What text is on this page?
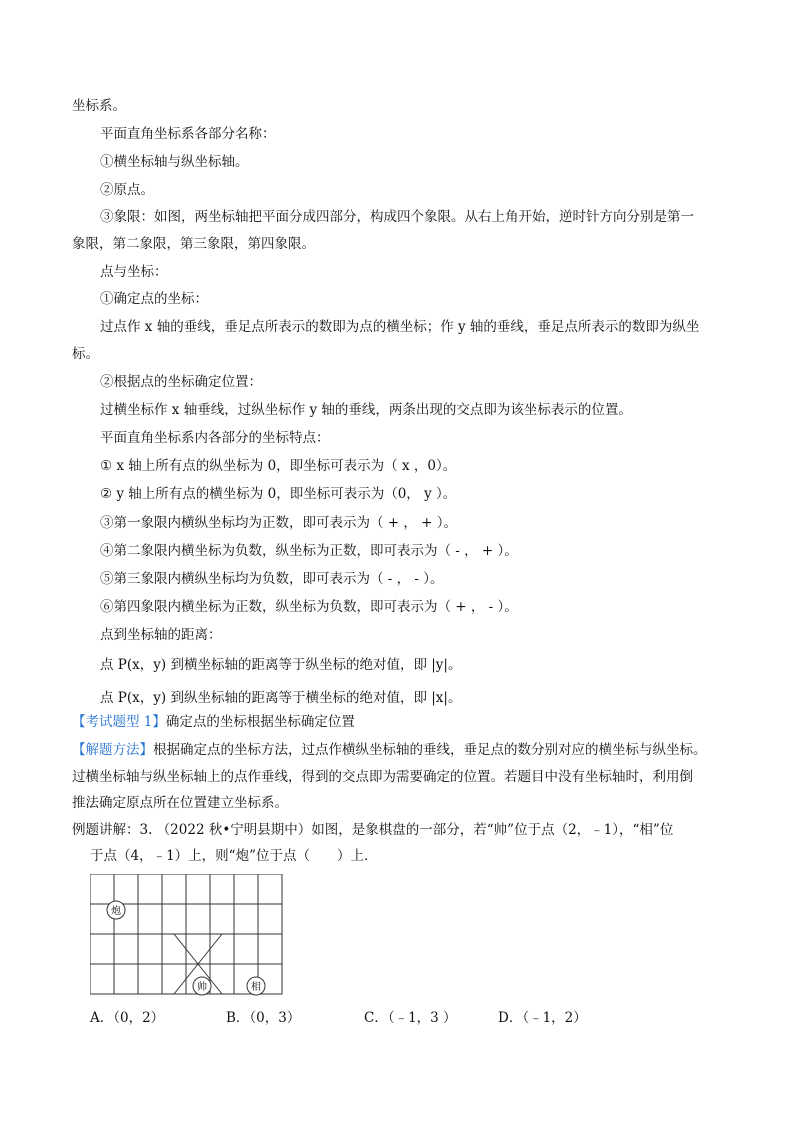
坐标系。
平面直角坐标系各部分名称：
①横坐标轴与纵坐标轴。
②原点。
③象限：如图，两坐标轴把平面分成四部分，构成四个象限。从右上角开始，逆时针方向分别是第一
象限，第二象限，第三象限，第四象限。
点与坐标：
①确定点的坐标：
过点作 x 轴的垂线，垂足点所表示的数即为点的横坐标；作 y 轴的垂线，垂足点所表示的数即为纵坐
标。
②根据点的坐标确定位置：
过横坐标作 x 轴垂线，过纵坐标作 y 轴的垂线，两条出现的交点即为该坐标表示的位置。
平面直角坐标系内各部分的坐标特点：
① x 轴上所有点的纵坐标为 0，即坐标可表示为（ x ，0）。
② y 轴上所有点的横坐标为 0，即坐标可表示为（0， y ）。
③第一象限内横纵坐标均为正数，即可表示为（ + ， + ）。
④第二象限内横坐标为负数，纵坐标为正数，即可表示为（ - ， + ）。
⑤第三象限内横纵坐标均为负数，即可表示为（ - ， - ）。
⑥第四象限内横坐标为正数，纵坐标为负数，即可表示为（ + ， - ）。
点到坐标轴的距离：
点 P(x，y) 到横坐标轴的距离等于纵坐标的绝对值，即 |y|。
点 P(x，y) 到纵坐标轴的距离等于横坐标的绝对值，即 |x|。
【考试题型 1】确定点的坐标根据坐标确定位置
【解题方法】根据确定点的坐标方法，过点作横纵坐标轴的垂线，垂足点的数分别对应的横坐标与纵坐标。
过横坐标轴与纵坐标轴上的点作垂线，得到的交点即为需要确定的位置。若题目中没有坐标轴时，利用倒
推法确定原点所在位置建立坐标系。
例题讲解：3. （2022 秋•宁明县期中）如图，是象棋盘的一部分，若“帅”位于点（2，﹣1），“相”位
于点（4，﹣1）上，则“炮”位于点（　　）上．
炮
帅	相
A．（0，2）	B．（0，3）	C．（﹣1，3 ）	D．（﹣1，2）
